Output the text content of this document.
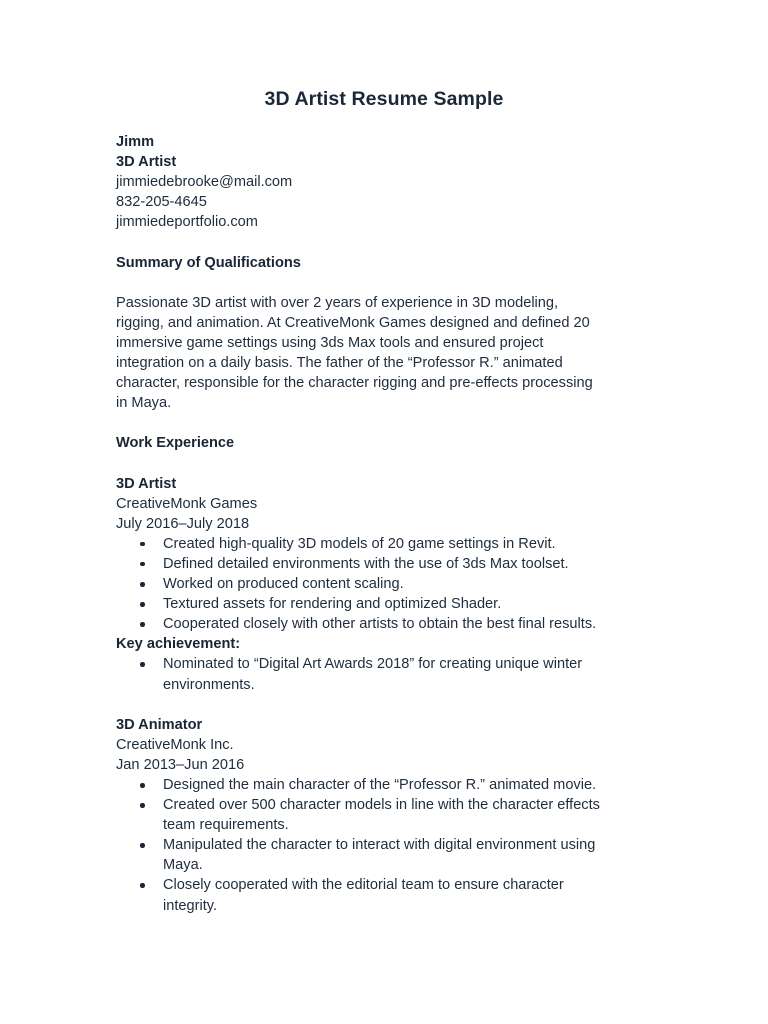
3D Artist Resume Sample
Jimm
3D Artist
jimmiedebrooke@mail.com
832-205-4645
jimmiedeportfolio.com
Summary of Qualifications
Passionate 3D artist with over 2 years of experience in 3D modeling,
rigging, and animation. At CreativeMonk Games designed and defined 20
immersive game settings using 3ds Max tools and ensured project
integration on a daily basis. The father of the “Professor R.” animated
character, responsible for the character rigging and pre-effects processing
in Maya.
Work Experience
3D Artist
CreativeMonk Games
July 2016–July 2018
Created high-quality 3D models of 20 game settings in Revit.
Defined detailed environments with the use of 3ds Max toolset.
Worked on produced content scaling.
Textured assets for rendering and optimized Shader.
Cooperated closely with other artists to obtain the best final results.
Key achievement:
Nominated to “Digital Art Awards 2018” for creating unique winter
environments.
3D Animator
CreativeMonk Inc.
Jan 2013–Jun 2016
Designed the main character of the “Professor R.” animated movie.
Created over 500 character models in line with the character effects
team requirements.
Manipulated the character to interact with digital environment using
Maya.
Closely cooperated with the editorial team to ensure character
integrity.
